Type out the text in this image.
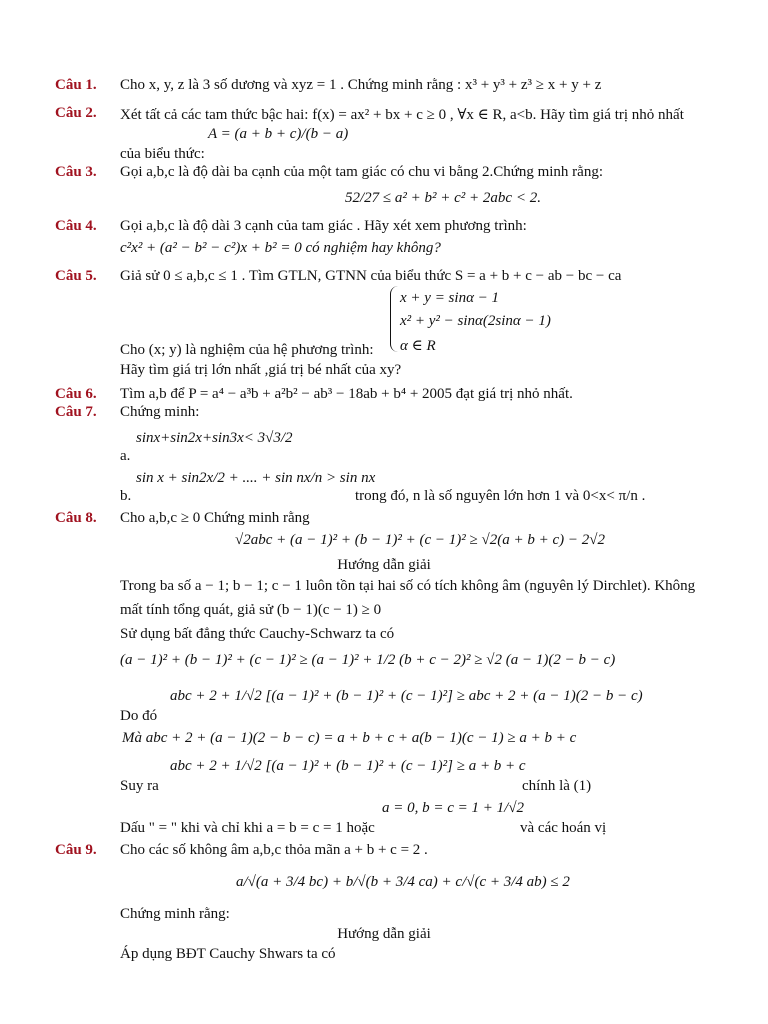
Câu 1. Cho x, y, z là 3 số dương và xyz = 1 . Chứng minh rằng : x³ + y³ + z³ ≥ x + y + z
Câu 2. Xét tất cả các tam thức bậc hai: f(x) = ax² + bx + c ≥ 0 , ∀x ∈ R, a<b. Hãy tìm giá trị nhỏ nhất
A = (a + b + c)/(b − a)
của biểu thức:
Câu 3. Gọi a,b,c là độ dài ba cạnh của một tam giác có chu vi bằng 2.Chứng minh rằng:
52/27 ≤ a² + b² + c² + 2abc < 2.
Câu 4. Gọi a,b,c là độ dài 3 cạnh của tam giác . Hãy xét xem phương trình:
c²x² + (a² − b² − c²)x + b² = 0 có nghiệm hay không?
Câu 5. Giả sử 0 ≤ a,b,c ≤ 1 . Tìm GTLN, GTNN của biểu thức S = a + b + c − ab − bc − ca
x + y = sinα − 1
x² + y² − sinα(2sinα − 1)
α ∈ R
Cho (x; y) là nghiệm của hệ phương trình:
Hãy tìm giá trị lớn nhất ,giá trị bé nhất của xy?
Câu 6. Tìm a,b để P = a⁴ − a³b + a²b² − ab³ − 18ab + b⁴ + 2005 đạt giá trị nhỏ nhất.
Câu 7. Chứng minh:
sinx+sin2x+sin3x< 3√3/2
a.
sin x + sin2x/2 + .... + sin nx/n > sin nx
b.	trong đó, n là số nguyên lớn hơn 1 và 0<x< π/n .
Câu 8. Cho a,b,c ≥ 0 Chứng minh rằng
√2abc + (a − 1)² + (b − 1)² + (c − 1)² ≥ √2(a + b + c) − 2√2
Hướng dẫn giải
Trong ba số a − 1; b − 1; c − 1 luôn tồn tại hai số có tích không âm (nguyên lý Dirchlet). Không
mất tính tổng quát, giả sử (b − 1)(c − 1) ≥ 0
Sử dụng bất đẳng thức Cauchy-Schwarz ta có
(a − 1)² + (b − 1)² + (c − 1)² ≥ (a − 1)² + 1/2 (b + c − 2)² ≥ √2 (a − 1)(2 − b − c)
abc + 2 + 1/√2 [(a − 1)² + (b − 1)² + (c − 1)²] ≥ abc + 2 + (a − 1)(2 − b − c)
Do đó
Mà abc + 2 + (a − 1)(2 − b − c) = a + b + c + a(b − 1)(c − 1) ≥ a + b + c
abc + 2 + 1/√2 [(a − 1)² + (b − 1)² + (c − 1)²] ≥ a + b + c
Suy ra	chính là (1)
a = 0, b = c = 1 + 1/√2
Dấu " = " khi và chỉ khi a = b = c = 1 hoặc	và các hoán vị
Câu 9. Cho các số không âm a,b,c thỏa mãn a + b + c = 2 .
a/√(a + 3/4 bc) + b/√(b + 3/4 ca) + c/√(c + 3/4 ab) ≤ 2
Chứng minh rằng:
Hướng dẫn giải
Áp dụng BĐT Cauchy Shwars ta có
